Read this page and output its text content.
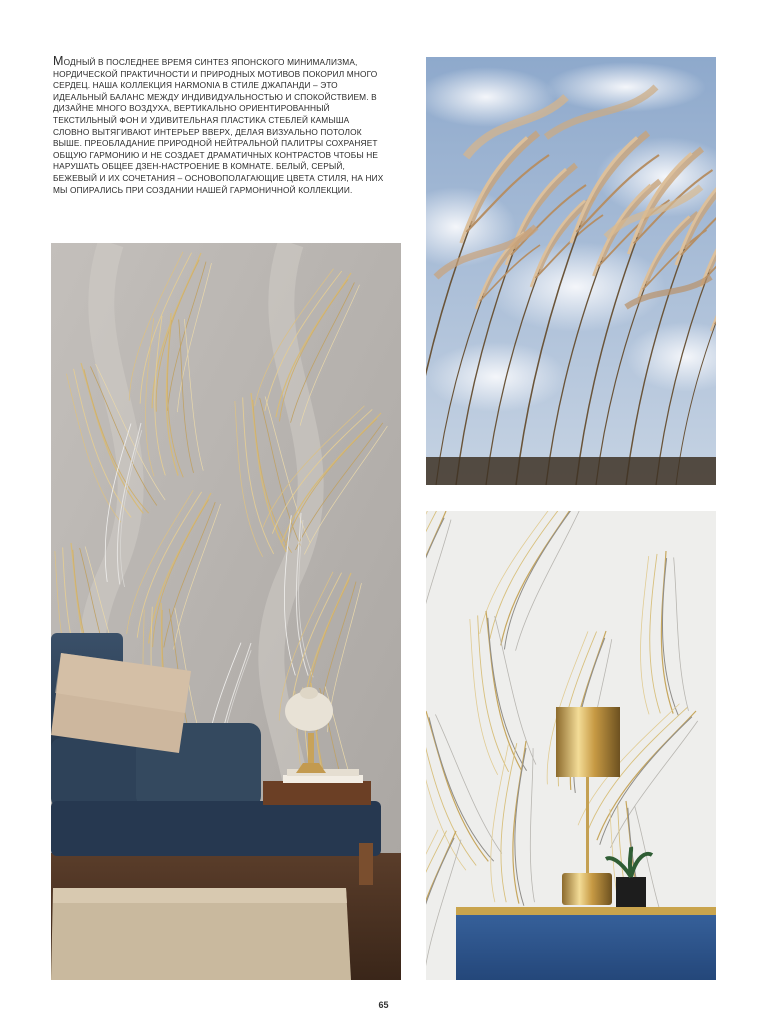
МОДНЫЙ В ПОСЛЕДНЕЕ ВРЕМЯ СИНТЕЗ ЯПОНСКОГО МИНИМАЛИЗМА, НОРДИЧЕСКОЙ ПРАКТИЧНОСТИ И ПРИРОДНЫХ МОТИВОВ ПОКОРИЛ МНОГО СЕРДЕЦ. НАША КОЛЛЕКЦИЯ HARMONIA В СТИЛЕ ДЖАПАНДИ – ЭТО ИДЕАЛЬНЫЙ БАЛАНС МЕЖДУ ИНДИВИДУАЛЬНОСТЬЮ И СПОКОЙСТВИЕМ. В ДИЗАЙНЕ МНОГО ВОЗДУХА, ВЕРТИКАЛЬНО ОРИЕНТИРОВАННЫЙ ТЕКСТИЛЬНЫЙ ФОН И УДИВИТЕЛЬНАЯ ПЛАСТИКА СТЕБЛЕЙ КАМЫША СЛОВНО ВЫТЯГИВАЮТ ИНТЕРЬЕР ВВЕРХ, ДЕЛАЯ ВИЗУАЛЬНО ПОТОЛОК ВЫШЕ. ПРЕОБЛАДАНИЕ ПРИРОДНОЙ НЕЙТРАЛЬНОЙ ПАЛИТРЫ СОХРАНЯЕТ ОБЩУЮ ГАРМОНИЮ И НЕ СОЗДАЕТ ДРАМАТИЧНЫХ КОНТРАСТОВ ЧТОБЫ НЕ НАРУШАТЬ ОБЩЕЕ ДЗЕН-НАСТРОЕНИЕ В КОМНАТЕ. БЕЛЫЙ, СЕРЫЙ, БЕЖЕВЫЙ И ИХ СОЧЕТАНИЯ – ОСНОВОПОЛАГАЮЩИЕ ЦВЕТА СТИЛЯ, НА НИХ МЫ ОПИРАЛИСЬ ПРИ СОЗДАНИИ НАШЕЙ ГАРМОНИЧНОЙ КОЛЛЕКЦИИ.
65
